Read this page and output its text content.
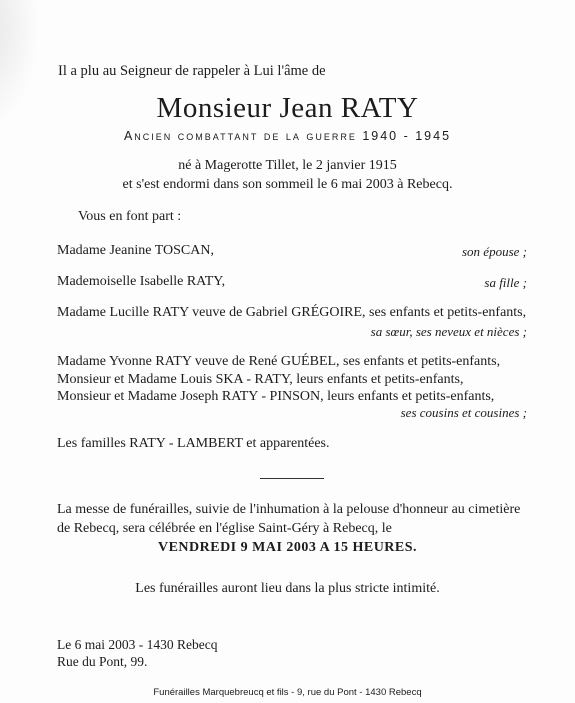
Il a plu au Seigneur de rappeler à Lui l'âme de
Monsieur Jean RATY
Ancien combattant de la guerre 1940 - 1945
né à Magerotte Tillet, le 2 janvier 1915
et s'est endormi dans son sommeil le 6 mai 2003 à Rebecq.
Vous en font part :
Madame Jeanine TOSCAN,	son épouse ;
Mademoiselle Isabelle RATY,	sa fille ;
Madame Lucille RATY veuve de Gabriel GRÉGOIRE, ses enfants et petits-enfants,
sa sœur, ses neveux et nièces ;
Madame Yvonne RATY veuve de René GUÉBEL, ses enfants et petits-enfants,
Monsieur et Madame Louis SKA - RATY, leurs enfants et petits-enfants,
Monsieur et Madame Joseph RATY - PINSON, leurs enfants et petits-enfants,
ses cousins et cousines ;
Les familles RATY - LAMBERT et apparentées.
La messe de funérailles, suivie de l'inhumation à la pelouse d'honneur au cimetière
de Rebecq, sera célébrée en l'église Saint-Géry à Rebecq, le
VENDREDI 9 MAI 2003 A 15 HEURES.
Les funérailles auront lieu dans la plus stricte intimité.
Le 6 mai 2003 - 1430 Rebecq
Rue du Pont, 99.
Funérailles Marquebreucq et fils - 9, rue du Pont - 1430 Rebecq
